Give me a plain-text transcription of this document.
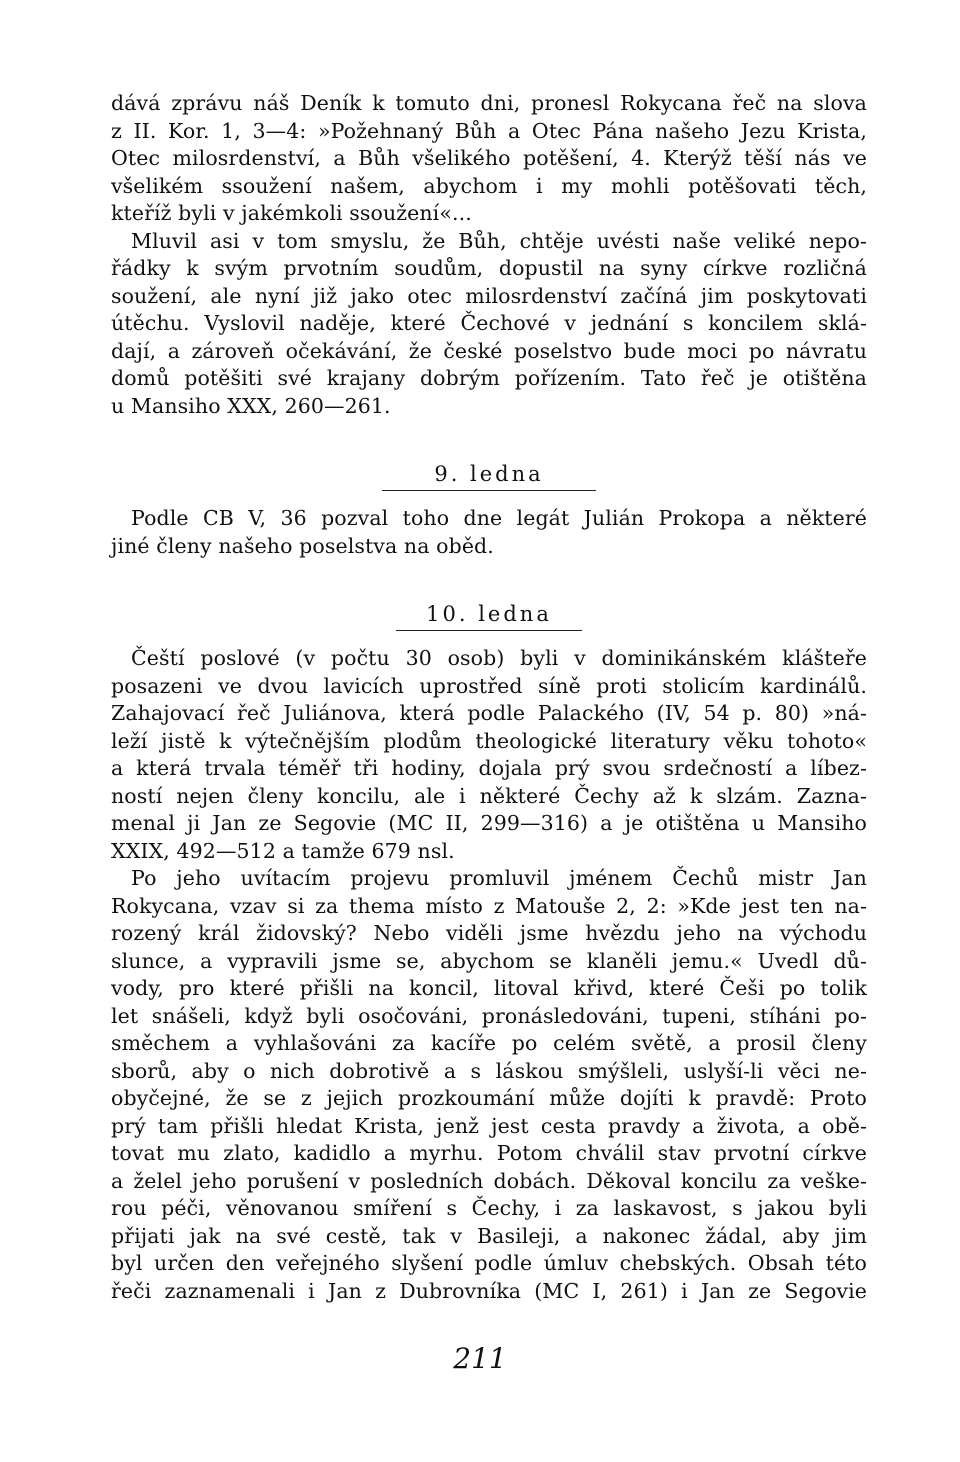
dává zprávu náš Deník k tomuto dni, pronesl Rokycana řeč na slova
z II. Kor. 1, 3—4: »Požehnaný Bůh a Otec Pána našeho Jezu Krista,
Otec milosrdenství, a Bůh všelikého potěšení, 4. Kterýž těší nás ve
všelikém ssoužení našem, abychom i my mohli potěšovati těch,
kteříž byli v jakémkoli ssoužení«...
Mluvil asi v tom smyslu, že Bůh, chtěje uvésti naše veliké nepo-
řádky k svým prvotním soudům, dopustil na syny církve rozličná
soužení, ale nyní již jako otec milosrdenství začíná jim poskytovati
útěchu. Vyslovil naděje, které Čechové v jednání s koncilem sklá-
dají, a zároveň očekávání, že české poselstvo bude moci po návratu
domů potěšiti své krajany dobrým pořízením. Tato řeč je otištěna
u Mansiho XXX, 260—261.
9. ledna
Podle CB V, 36 pozval toho dne legát Julián Prokopa a některé
jiné členy našeho poselstva na oběd.
10. ledna
Čeští poslové (v počtu 30 osob) byli v dominikánském klášteře
posazeni ve dvou lavicích uprostřed síně proti stolicím kardinálů.
Zahajovací řeč Juliánova, která podle Palackého (IV, 54 p. 80) »ná-
leží jistě k výtečnějším plodům theologické literatury věku tohoto«
a která trvala téměř tři hodiny, dojala prý svou srdečností a líbez-
ností nejen členy koncilu, ale i některé Čechy až k slzám. Zazna-
menal ji Jan ze Segovie (MC II, 299—316) a je otištěna u Mansiho
XXIX, 492—512 a tamže 679 nsl.
Po jeho uvítacím projevu promluvil jménem Čechů mistr Jan
Rokycana, vzav si za thema místo z Matouše 2, 2: »Kde jest ten na-
rozený král židovský? Nebo viděli jsme hvězdu jeho na východu
slunce, a vypravili jsme se, abychom se klaněli jemu.« Uvedl dů-
vody, pro které přišli na koncil, litoval křivd, které Češi po tolik
let snášeli, když byli osočováni, pronásledováni, tupeni, stíháni po-
směchem a vyhlašováni za kacíře po celém světě, a prosil členy
sborů, aby o nich dobrotivě a s láskou smýšleli, uslyší-li věci ne-
obyčejné, že se z jejich prozkoumání může dojíti k pravdě: Proto
prý tam přišli hledat Krista, jenž jest cesta pravdy a života, a obě-
tovat mu zlato, kadidlo a myrhu. Potom chválil stav prvotní církve
a želel jeho porušení v posledních dobách. Děkoval koncilu za veške-
rou péči, věnovanou smíření s Čechy, i za laskavost, s jakou byli
přijati jak na své cestě, tak v Basileji, a nakonec žádal, aby jim
byl určen den veřejného slyšení podle úmluv chebských. Obsah této
řeči zaznamenali i Jan z Dubrovníka (MC I, 261) i Jan ze Segovie
211
